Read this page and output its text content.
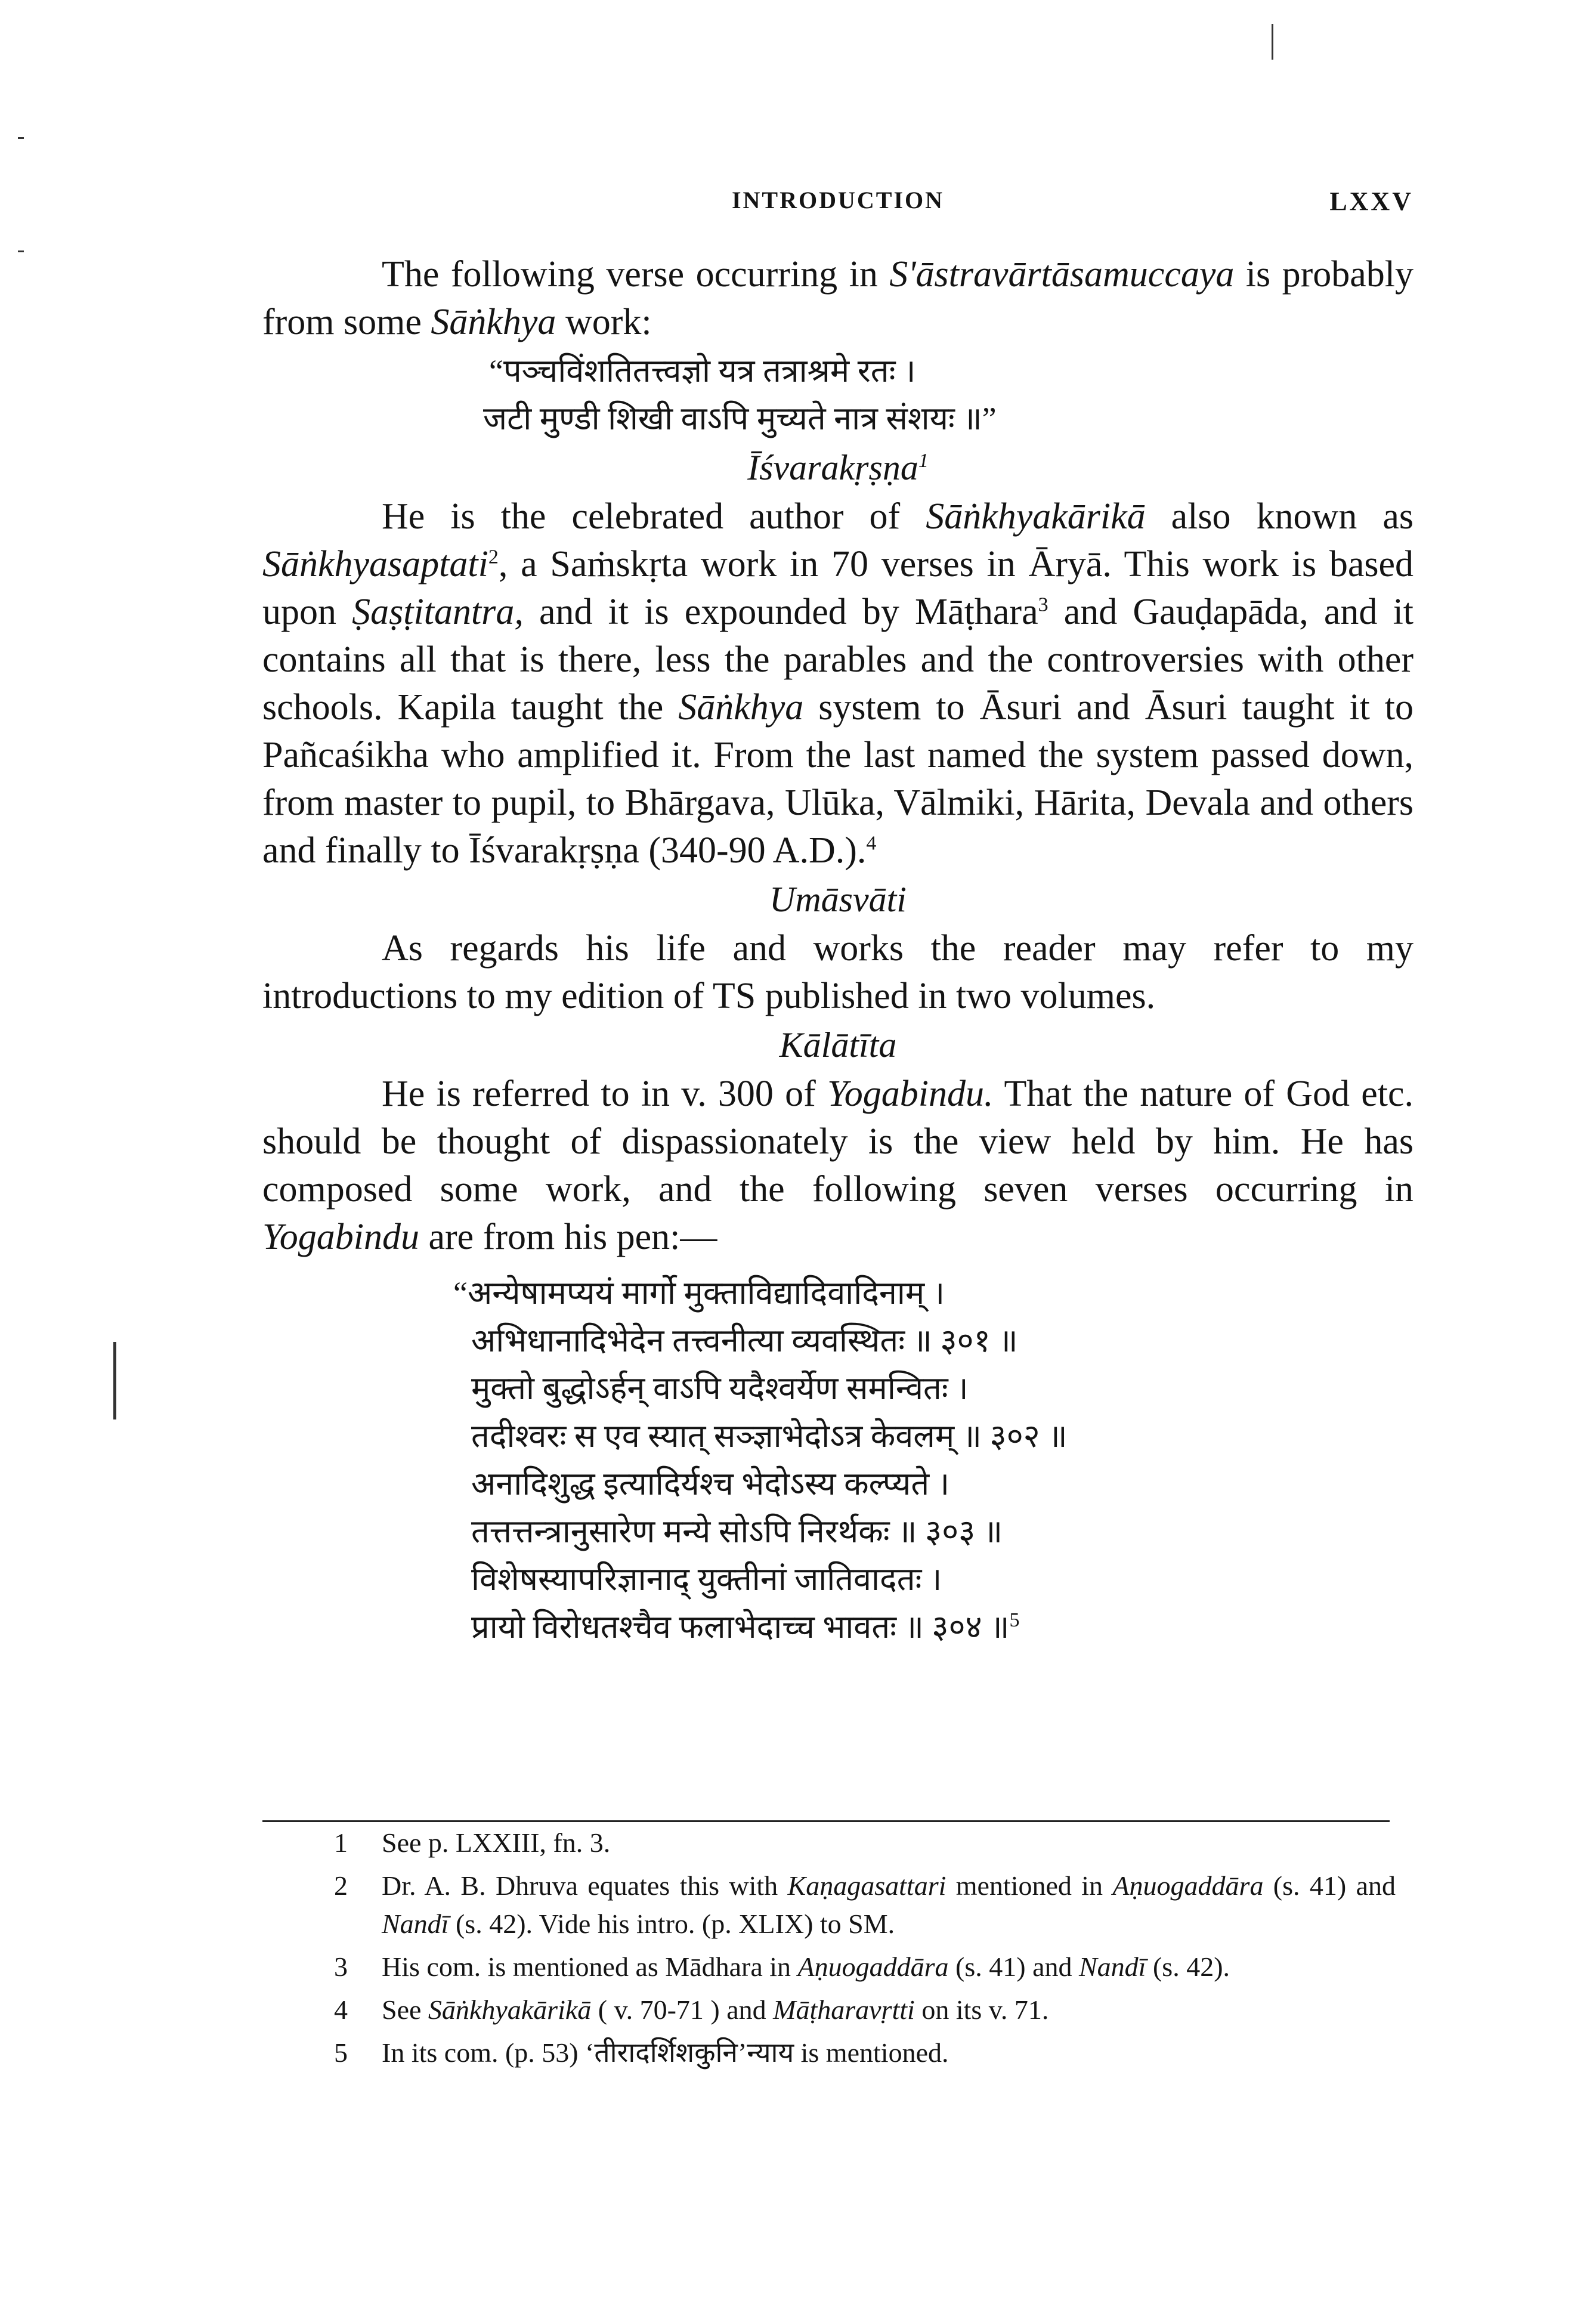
INTRODUCTION	LXXV

The following verse occurring in S'āstravārtāsamuccaya is probably from some Sāṅkhya work:

“पञ्चविंशतितत्त्वज्ञो यत्र तत्राश्रमे रतः ।
जटी मुण्डी शिखी वाऽपि मुच्यते नात्र संशयः ॥”

Īśvarakṛṣṇa$^1$

He is the celebrated author of Sāṅkhyakārikā also known as Sāṅkhyasaptati$^2$, a Saṁskṛta work in 70 verses in Āryā. This work is based upon Ṣaṣṭitantra, and it is expounded by Māṭhara$^3$ and Gauḍapāda, and it contains all that is there, less the parables and the controversies with other schools. Kapila taught the Sāṅkhya system to Āsuri and Āsuri taught it to Pañcaśikha who amplified it. From the last named the system passed down, from master to pupil, to Bhārgava, Ulūka, Vālmiki, Hārita, Devala and others and finally to Īśvarakṛṣṇa (340-90 A.D.).$^4$

Umāsvāti

As regards his life and works the reader may refer to my introductions to my edition of TS published in two volumes.

Kālātīta

He is referred to in v. 300 of Yogabindu. That the nature of God etc. should be thought of dispassionately is the view held by him. He has composed some work, and the following seven verses occurring in Yogabindu are from his pen:—

“अन्येषामप्ययं मार्गो मुक्ताविद्यादिवादिनाम् ।
अभिधानादिभेदेन तत्त्वनीत्या व्यवस्थितः ॥ ३०१ ॥
मुक्तो बुद्धोऽर्हन् वाऽपि यदैश्वर्येण समन्वितः ।
तदीश्वरः स एव स्यात् सञ्ज्ञाभेदोऽत्र केवलम् ॥ ३०२ ॥
अनादिशुद्ध इत्यादिर्यश्च भेदोऽस्य कल्प्यते ।
तत्तत्तन्त्रानुसारेण मन्ये सोऽपि निरर्थकः ॥ ३०३ ॥
विशेषस्यापरिज्ञानाद् युक्तीनां जातिवादतः ।
प्रायो विरोधतश्चैव फलाभेदाच्च भावतः ॥ ३०४ ॥$^5$
1 See p. LXXIII, fn. 3.
2 Dr. A. B. Dhruva equates this with Kaṇagasattari mentioned in Aṇuogaddāra (s. 41) and Nandī (s. 42). Vide his intro. (p. XLIX) to SM.
3 His com. is mentioned as Mādhara in Aṇuogaddāra (s. 41) and Nandī (s. 42).
4 See Sāṅkhyakārikā ( v. 70-71 ) and Māṭharavṛtti on its v. 71.
5 In its com. (p. 53) ‘तीरादर्शिशकुनि’न्याय is mentioned.
